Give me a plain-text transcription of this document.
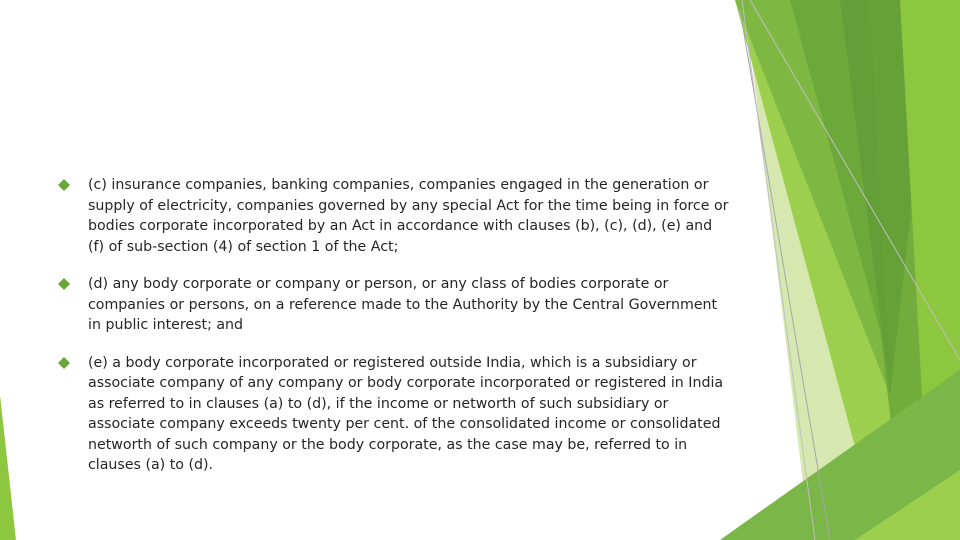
(c) insurance companies, banking companies, companies engaged in the generation or supply of electricity, companies governed by any special Act for the time being in force or bodies corporate incorporated by an Act in accordance with clauses (b), (c), (d), (e) and (f) of sub-section (4) of section 1 of the Act;
(d) any body corporate or company or person, or any class of bodies corporate or companies or persons, on a reference made to the Authority by the Central Government in public interest; and
(e) a body corporate incorporated or registered outside India, which is a subsidiary or associate company of any company or body corporate incorporated or registered in India as referred to in clauses (a) to (d), if the income or networth of such subsidiary or associate company exceeds twenty per cent. of the consolidated income or consolidated networth of such company or the body corporate, as the case may be, referred to in clauses (a) to (d).
